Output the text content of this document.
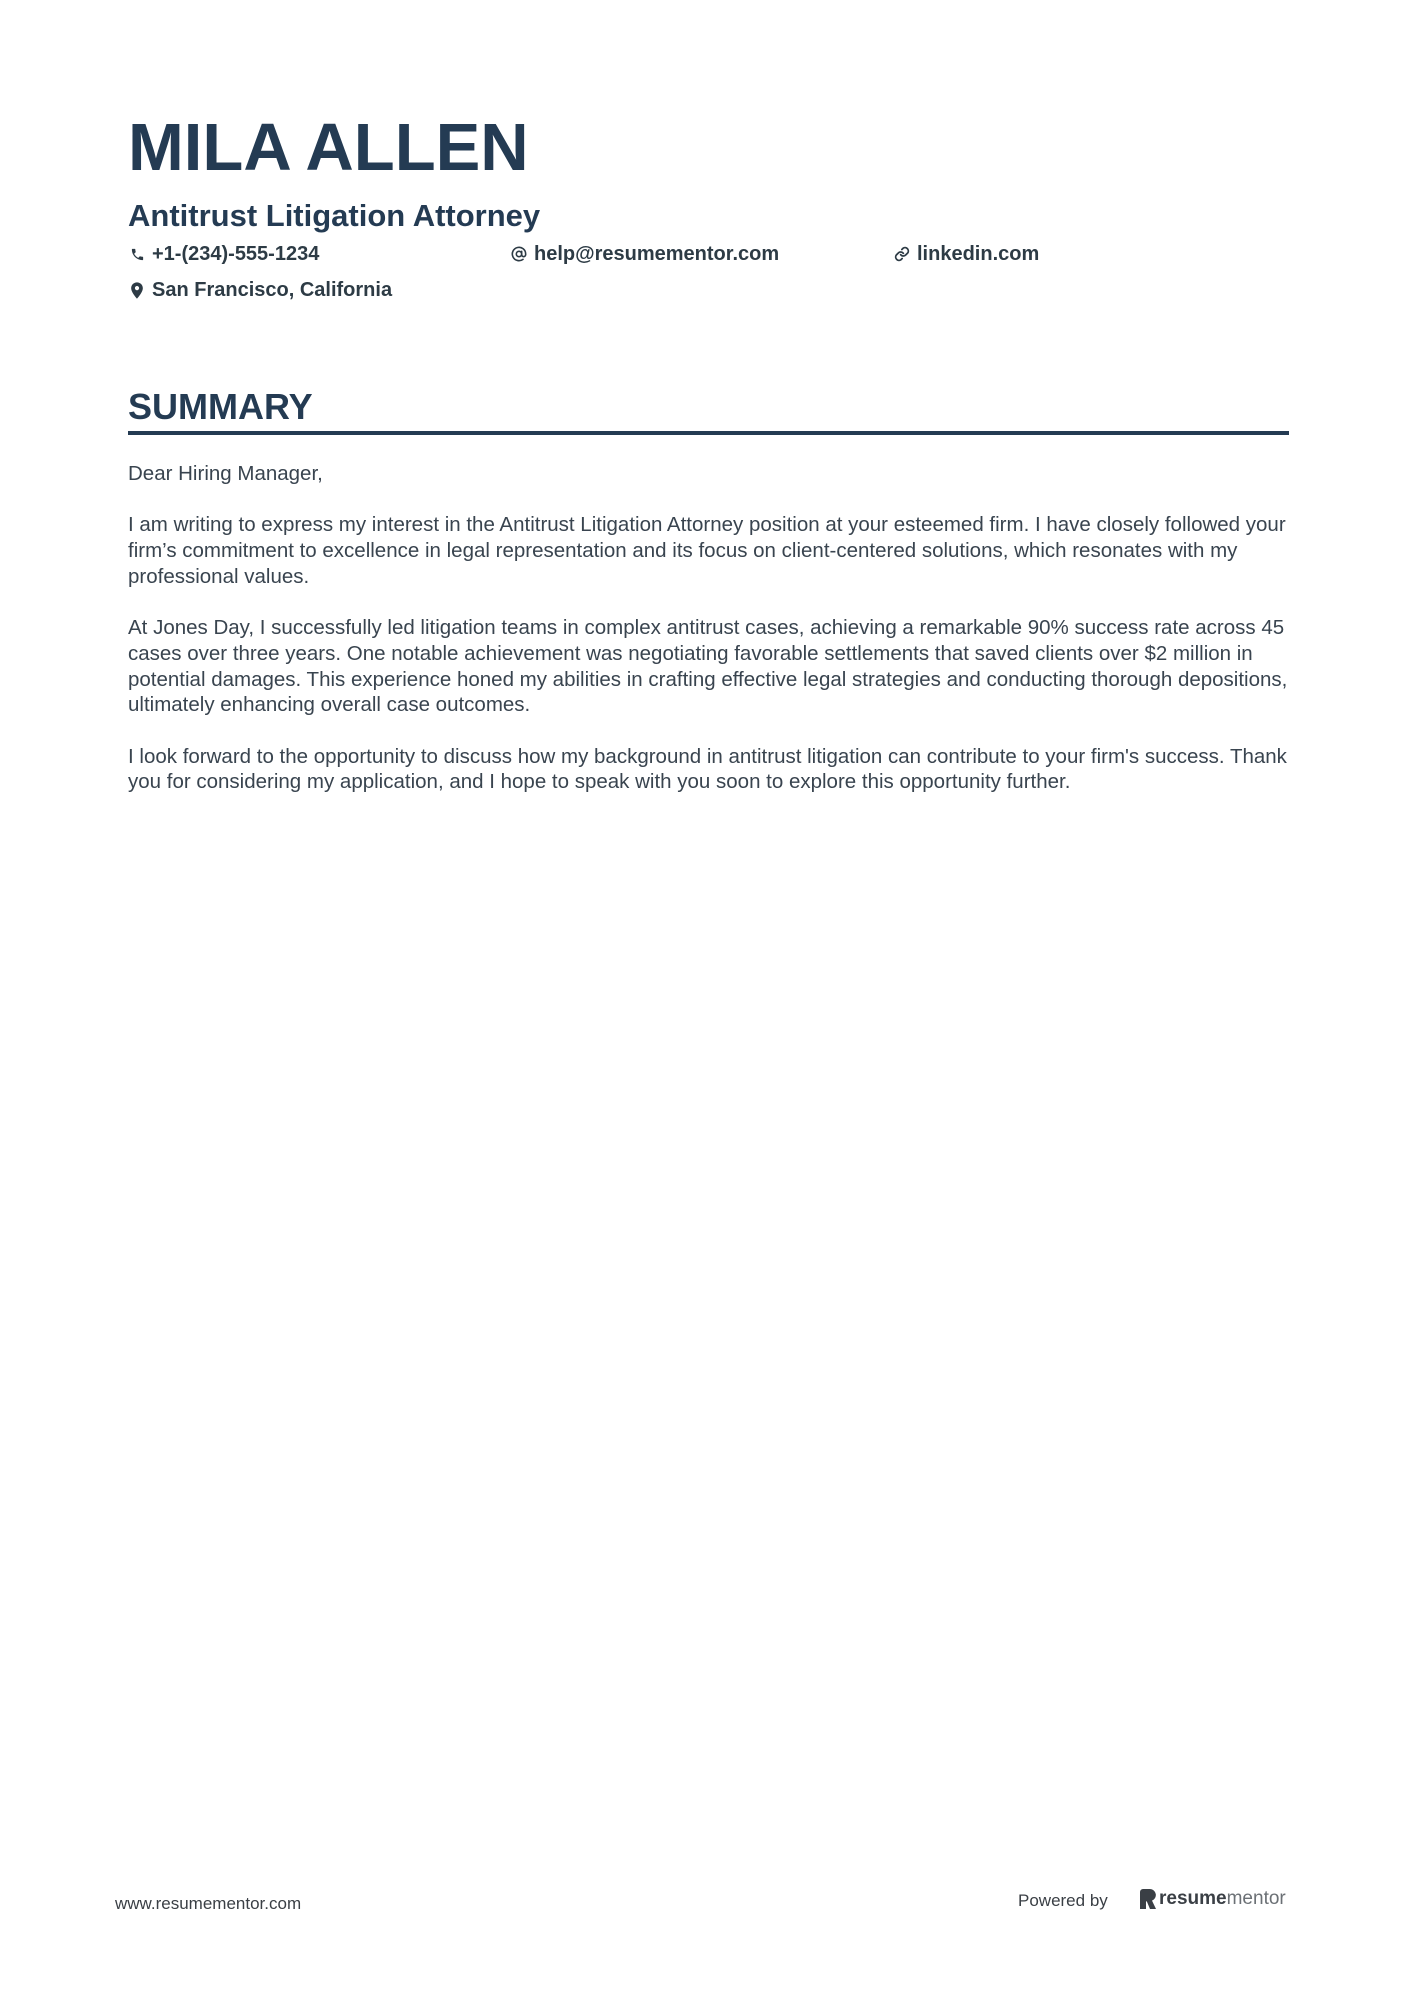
MILA ALLEN
Antitrust Litigation Attorney
+1-(234)-555-1234	help@resumementor.com	linkedin.com
San Francisco, California
SUMMARY

Dear Hiring Manager,

I am writing to express my interest in the Antitrust Litigation Attorney position at your esteemed firm. I have closely followed your firm’s commitment to excellence in legal representation and its focus on client-centered solutions, which resonates with my professional values.

At Jones Day, I successfully led litigation teams in complex antitrust cases, achieving a remarkable 90% success rate across 45 cases over three years. One notable achievement was negotiating favorable settlements that saved clients over $2 million in potential damages. This experience honed my abilities in crafting effective legal strategies and conducting thorough depositions, ultimately enhancing overall case outcomes.

I look forward to the opportunity to discuss how my background in antitrust litigation can contribute to your firm's success. Thank you for considering my application, and I hope to speak with you soon to explore this opportunity further.

www.resumementor.com	Powered by	resume mentor
